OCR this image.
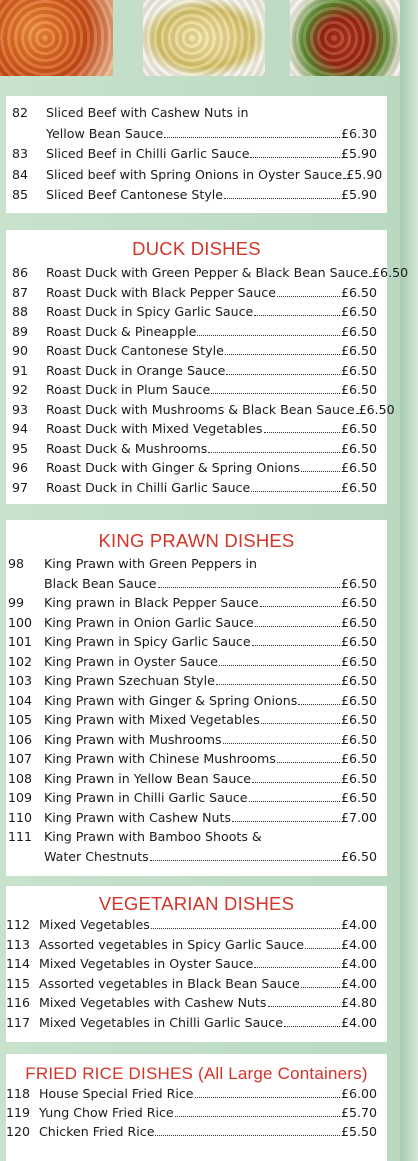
82	Sliced Beef with Cashew Nuts in
Yellow Bean Sauce	£6.30
83	Sliced Beef in Chilli Garlic Sauce	£5.90
84	Sliced beef with Spring Onions in Oyster Sauce £5.90
85	Sliced Beef Cantonese Style	£5.90
DUCK DISHES
86	Roast Duck with Green Pepper & Black Bean Sauce £6.50
87	Roast Duck with Black Pepper Sauce	£6.50
88	Roast Duck in Spicy Garlic Sauce	£6.50
89	Roast Duck & Pineapple	£6.50
90	Roast Duck Cantonese Style	£6.50
91	Roast Duck in Orange Sauce	£6.50
92	Roast Duck in Plum Sauce	£6.50
93	Roast Duck with Mushrooms & Black Bean Sauce £6.50
94	Roast Duck with Mixed Vegetables	£6.50
95	Roast Duck & Mushrooms	£6.50
96	Roast Duck with Ginger & Spring Onions	£6.50
97	Roast Duck in Chilli Garlic Sauce	£6.50
KING PRAWN DISHES
98	King Prawn with Green Peppers in
Black Bean Sauce	£6.50
99	King prawn in Black Pepper Sauce	£6.50
100 King Prawn in Onion Garlic Sauce	£6.50
101 King Prawn in Spicy Garlic Sauce	£6.50
102 King Prawn in Oyster Sauce	£6.50
103 King Prawn Szechuan Style	£6.50
104 King Prawn with Ginger & Spring Onions	£6.50
105 King Prawn with Mixed Vegetables	£6.50
106 King Prawn with Mushrooms	£6.50
107 King Prawn with Chinese Mushrooms	£6.50
108 King Prawn in Yellow Bean Sauce	£6.50
109 King Prawn in Chilli Garlic Sauce	£6.50
110 King Prawn with Cashew Nuts	£7.00
111 King Prawn with Bamboo Shoots &
Water Chestnuts	£6.50
VEGETARIAN DISHES
112 Mixed Vegetables	£4.00
113 Assorted vegetables in Spicy Garlic Sauce	£4.00
114 Mixed Vegetables in Oyster Sauce	£4.00
115 Assorted vegetables in Black Bean Sauce	£4.00
116 Mixed Vegetables with Cashew Nuts	£4.80
117 Mixed Vegetables in Chilli Garlic Sauce	£4.00
FRIED RICE DISHES (All Large Containers)
118 House Special Fried Rice	£6.00
119 Yung Chow Fried Rice	£5.70
120 Chicken Fried Rice	£5.50
